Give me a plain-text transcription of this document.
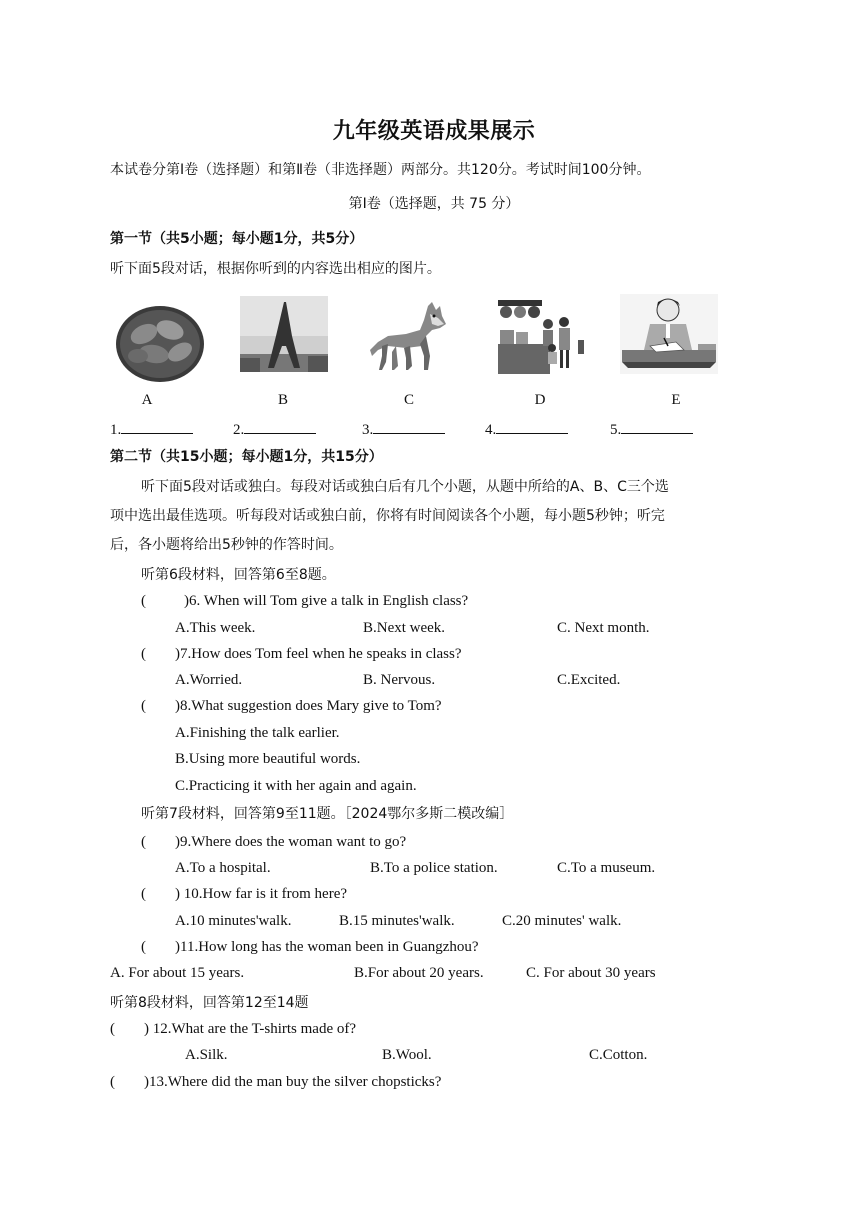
九年级英语成果展示
本试卷分第Ⅰ卷（选择题）和第Ⅱ卷（非选择题）两部分。共120分。考试时间100分钟。
第Ⅰ卷（选择题，共 75 分）
第一节（共5小题；每小题1分，共5分）
听下面5段对话，根据你听到的内容选出相应的图片。
A	B	C	D	E
1.	2.	3.	4.	5.
第二节（共15小题；每小题1分，共15分）
听下面5段对话或独白。每段对话或独白后有几个小题，从题中所给的A、B、C三个选
项中选出最佳选项。听每段对话或独白前，你将有时间阅读各个小题，每小题5秒钟；听完
后，各小题将给出5秒钟的作答时间。
听第6段材料，回答第6至8题。
(	)6. When will Tom give a talk in English class?
A.This week.	B.Next week.	C. Next month.
( )7.How does Tom feel when he speaks in class?
A.Worried.	B. Nervous.	C.Excited.
( )8.What suggestion does Mary give to Tom?
A.Finishing the talk earlier.
B.Using more beautiful words.
C.Practicing it with her again and again.
听第7段材料，回答第9至11题。［2024鄂尔多斯二模改编］
( )9.Where does the woman want to go?
A.To a hospital.	B.To a police station.	C.To a museum.
( ) 10.How far is it from here?
A.10 minutes'walk.	B.15 minutes'walk.	C.20 minutes' walk.
( )11.How long has the woman been in Guangzhou?
A. For about 15 years.	B.For about 20 years.	C. For about 30 years
听第8段材料，回答第12至14题
( ) 12.What are the T-shirts made of?
A.Silk.	B.Wool.	C.Cotton.
( )13.Where did the man buy the silver chopsticks?
